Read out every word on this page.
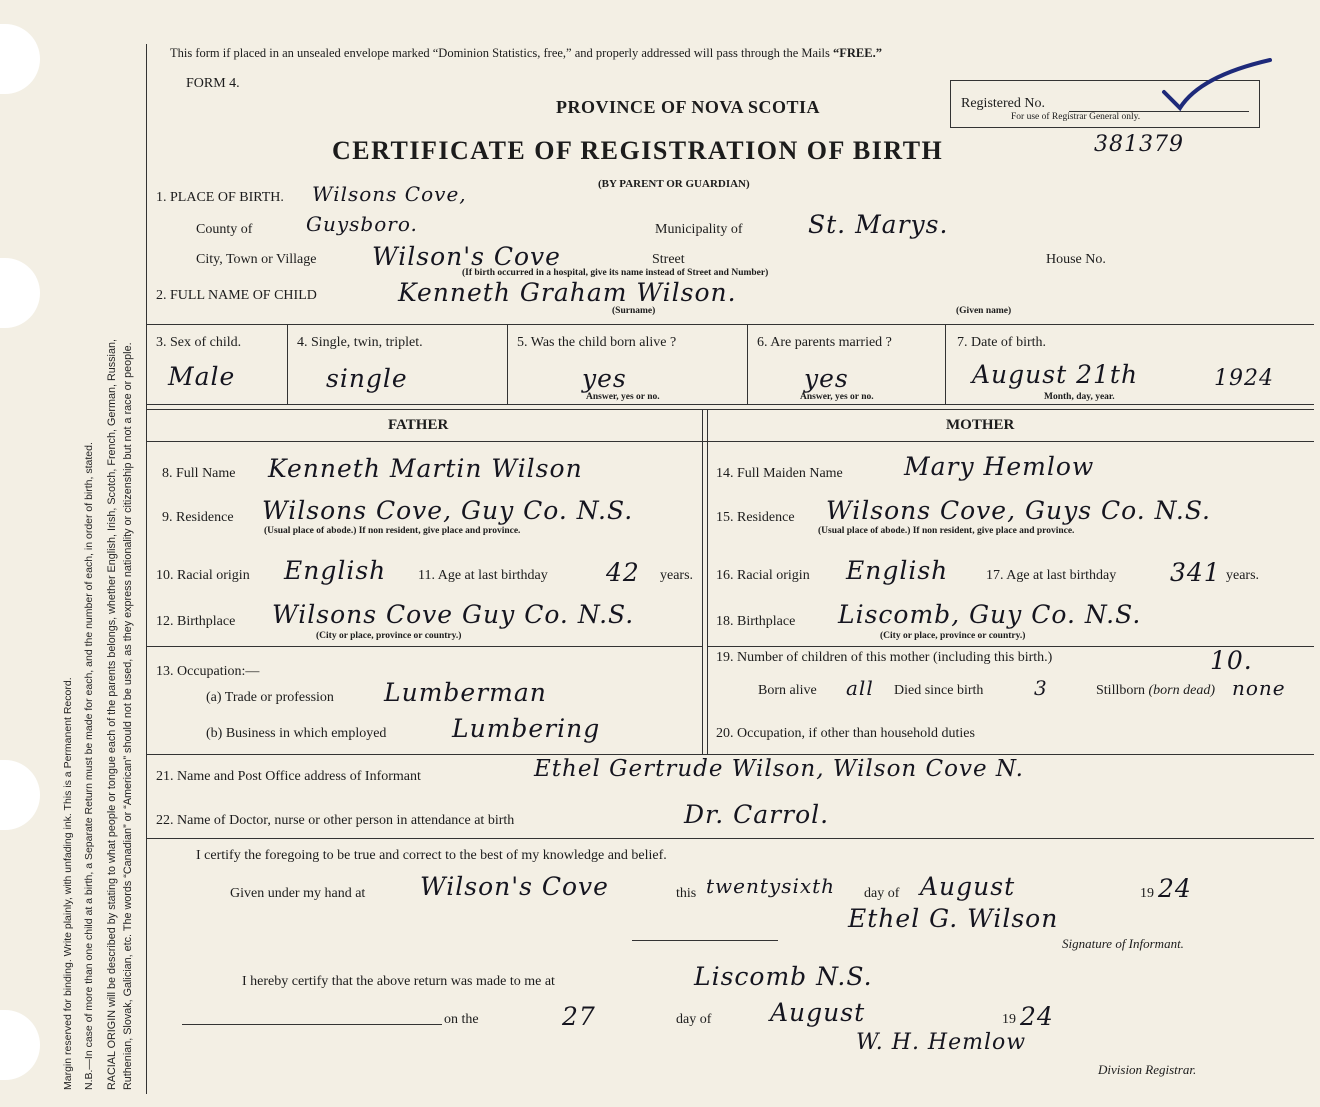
Margin reserved for binding. Write plainly, with unfading ink. This is a Permanent Record. N.B.—In case of more than one child at a birth, a Separate Return must be made for each, and the number of each, in order of birth, stated. RACIAL ORIGIN will be described by stating to what people or tongue each of the parents belongs, whether English, Irish, Scotch, French, German, Russian, Ruthenian, Slovak, Galician, etc. The words “Canadian” or “American” should not be used, as they express nationality or citizenship but not a race or people.
This form if placed in an unsealed envelope marked “Dominion Statistics, free,” and properly addressed will pass through the Mails “FREE.”
FORM 4.
PROVINCE OF NOVA SCOTIA	Registered No.
For use of Registrar General only.
CERTIFICATE OF REGISTRATION OF BIRTH	381379
(BY PARENT OR GUARDIAN)
1. PLACE OF BIRTH. Wilsons Cove,
County of	Guysboro.	Municipality of	St. Marys.
City, Town or Village Wilson's Cove	Street	House No.
(If birth occurred in a hospital, give its name instead of Street and Number)
2. FULL NAME OF CHILD	Kenneth Graham Wilson.
(Surname)	(Given name)
3. Sex of child.
Male
4. Single, twin, triplet.
single
5. Was the child born alive ?
yes
Answer, yes or no.
6. Are parents married ?
yes
Answer, yes or no.
7. Date of birth.
August 21th	1924
Month, day, year.
FATHER	MOTHER
8. Full Name Kenneth Martin Wilson
9. Residence Wilsons Cove, Guy Co. N.S.
(Usual place of abode.) If non resident, give place and province.
10. Racial origin English 11. Age at last birthday 42 years.
12. Birthplace Wilsons Cove Guy Co. N.S.
(City or place, province or country.)
13. Occupation:—
(a) Trade or profession Lumberman
(b) Business in which employed	Lumbering
14. Full Maiden Name Mary Hemlow
15. Residence Wilsons Cove, Guys Co. N.S.
(Usual place of abode.) If non resident, give place and province.
16. Racial origin English	17. Age at last birthday 341 years.
18. Birthplace Liscomb, Guy Co. N.S.
(City or place, province or country.)
19. Number of children of this mother (including this birth.)	10.
Born alive all Died since birth	3	Stillborn (born dead) none
20. Occupation, if other than household duties
21. Name and Post Office address of Informant	Ethel Gertrude Wilson, Wilson Cove N.
22. Name of Doctor, nurse or other person in attendance at birth	Dr. Carrol.
I certify the foregoing to be true and correct to the best of my knowledge and belief.
Given under my hand at Wilson's Cove	this twentysixth day of August	19 24
Ethel G. Wilson
Signature of Informant.
I hereby certify that the above return was made to me at	Liscomb N.S.
on the	27	day of August	19 24
W. H. Hemlow
Division Registrar.
